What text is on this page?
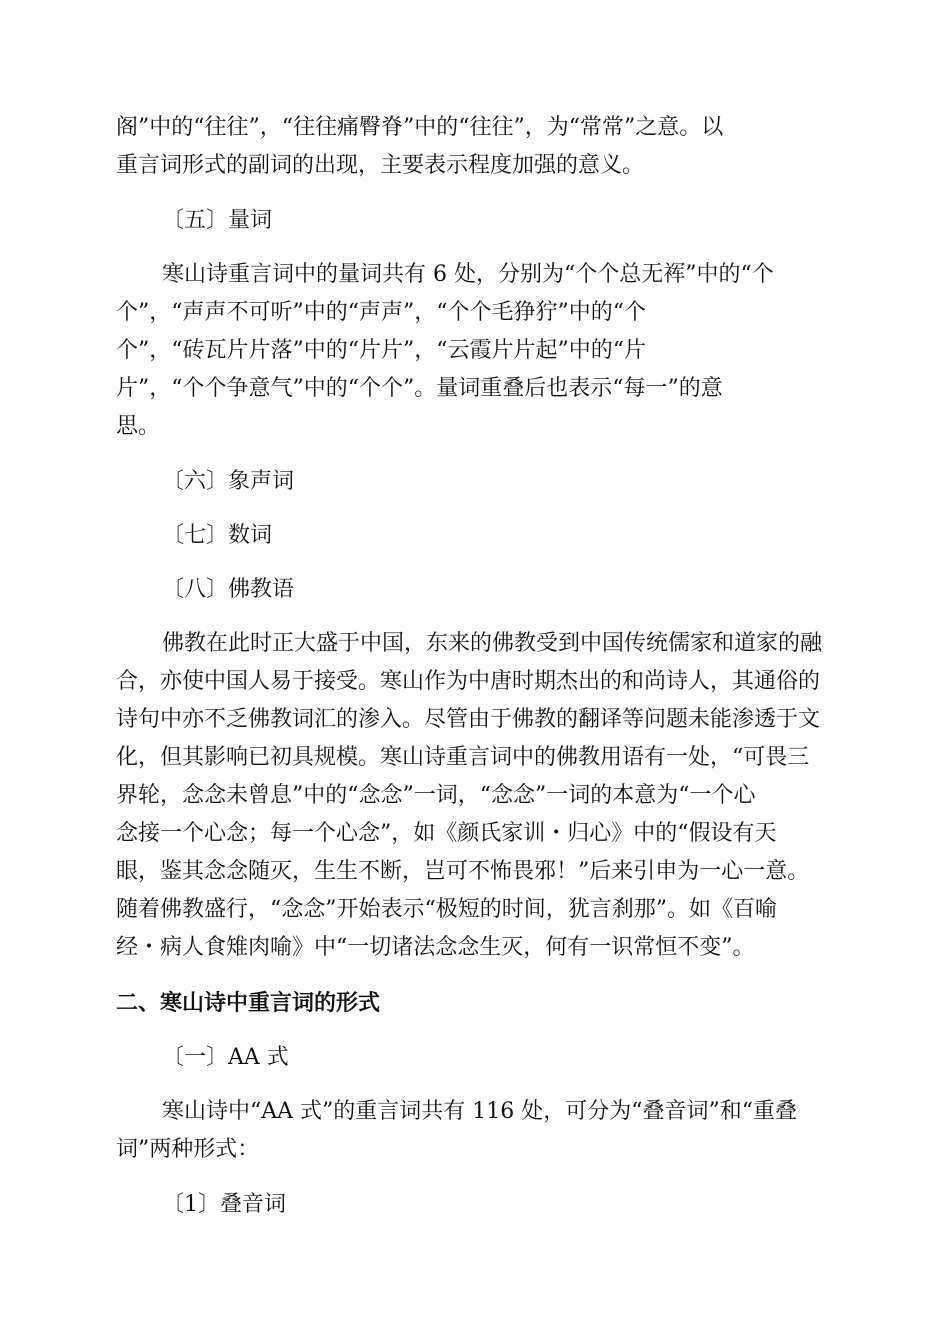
阁”中的“往往”，“往往痛臀脊”中的“往往”，为“常常”之意。以
重言词形式的副词的出现，主要表示程度加强的意义。
〔五〕量词
寒山诗重言词中的量词共有 6 处，分别为“个个总无裈”中的“个
个”，“声声不可听”中的“声声”，“个个毛狰狞”中的“个
个”，“砖瓦片片落”中的“片片”，“云霞片片起”中的“片
片”，“个个争意气”中的“个个”。量词重叠后也表示“每一”的意
思。
〔六〕象声词
〔七〕数词
〔八〕佛教语
佛教在此时正大盛于中国，东来的佛教受到中国传统儒家和道家的融
合，亦使中国人易于接受。寒山作为中唐时期杰出的和尚诗人，其通俗的
诗句中亦不乏佛教词汇的渗入。尽管由于佛教的翻译等问题未能渗透于文
化，但其影响已初具规模。寒山诗重言词中的佛教用语有一处，“可畏三
界轮，念念未曾息”中的“念念”一词，“念念”一词的本意为“一个心
念接一个心念；每一个心念”，如《颜氏家训・归心》中的“假设有天
眼，鉴其念念随灭，生生不断，岂可不怖畏邪！”后来引申为一心一意。
随着佛教盛行，“念念”开始表示“极短的时间，犹言刹那”。如《百喻
经・病人食雉肉喻》中“一切诸法念念生灭，何有一识常恒不变”。
二、寒山诗中重言词的形式
〔一〕AA 式
寒山诗中“AA 式”的重言词共有 116 处，可分为“叠音词”和“重叠
词”两种形式：
〔1〕叠音词
